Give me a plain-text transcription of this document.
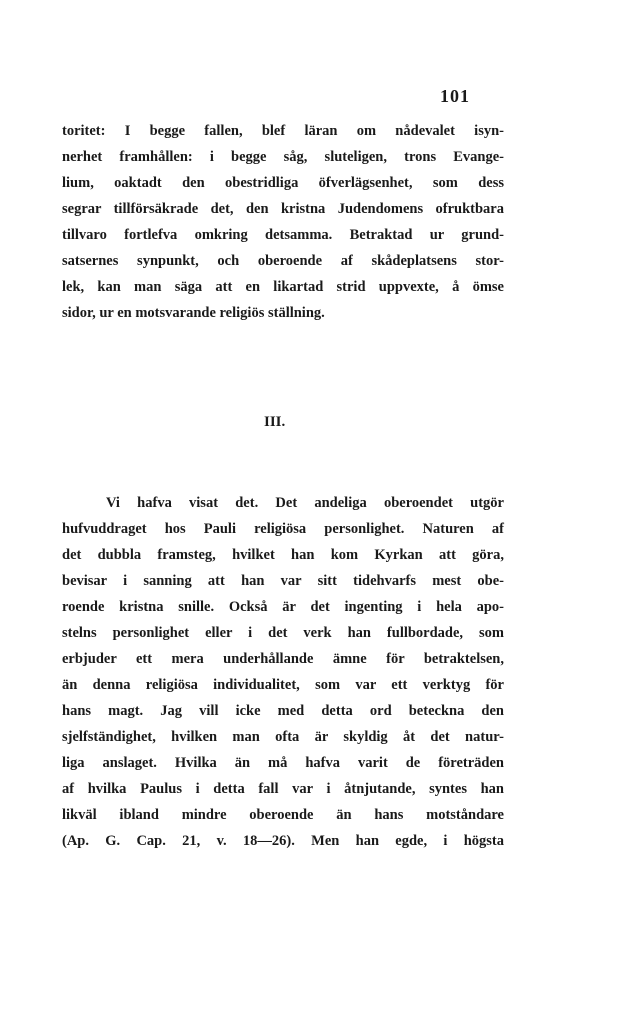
101
toritet: I begge fallen, blef läran om nådevalet isyn-
nerhet framhållen: i begge såg, sluteligen, trons Evange-
lium, oaktadt den obestridliga öfverlägsenhet, som dess
segrar tillförsäkrade det, den kristna Judendomens ofruktbara
tillvaro fortlefva omkring detsamma. Betraktad ur grund-
satsernes synpunkt, och oberoende af skådeplatsens stor-
lek, kan man säga att en likartad strid uppvexte, å ömse
sidor, ur en motsvarande religiös ställning.
III.
Vi hafva visat det. Det andeliga oberoendet utgör
hufvuddraget hos Pauli religiösa personlighet. Naturen af
det dubbla framsteg, hvilket han kom Kyrkan att göra,
bevisar i sanning att han var sitt tidehvarfs mest obe-
roende kristna snille. Också är det ingenting i hela apo-
stelns personlighet eller i det verk han fullbordade, som
erbjuder ett mera underhållande ämne för betraktelsen,
än denna religiösa individualitet, som var ett verktyg för
hans magt. Jag vill icke med detta ord beteckna den
sjelfständighet, hvilken man ofta är skyldig åt det natur-
liga anslaget. Hvilka än må hafva varit de företräden
af hvilka Paulus i detta fall var i åtnjutande, syntes han
likväl ibland mindre oberoende än hans motståndare
(Ap. G. Cap. 21, v. 18—26). Men han egde, i högsta
